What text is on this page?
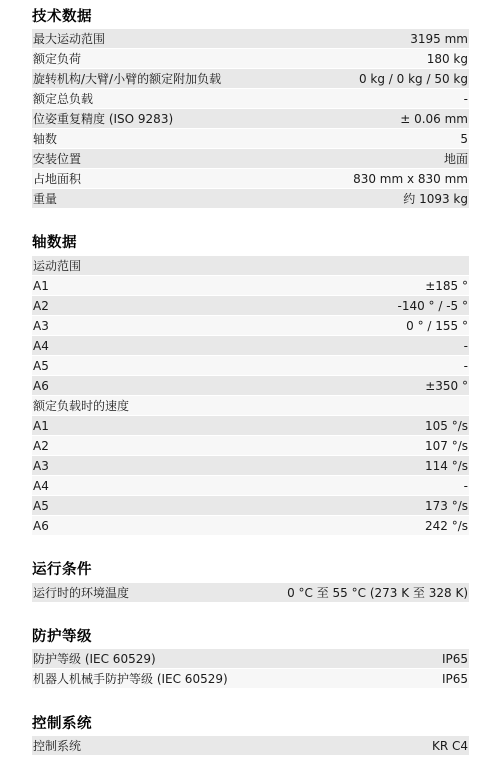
技术数据
最大运动范围	3195 mm
额定负荷	180 kg
旋转机构/大臂/小臂的额定附加负载	0 kg / 0 kg / 50 kg
额定总负载	-
位姿重复精度 (ISO 9283)	± 0.06 mm
轴数	5
安装位置	地面
占地面积	830 mm x 830 mm
重量	约 1093 kg
轴数据
运动范围
A1	±185 °
A2	-140 ° / -5 °
A3	0 ° / 155 °
A4	-
A5	-
A6	±350 °
额定负载时的速度
A1	105 °/s
A2	107 °/s
A3	114 °/s
A4	-
A5	173 °/s
A6	242 °/s
运行条件
运行时的环境温度	0 °C 至 55 °C (273 K 至 328 K)
防护等级
防护等级 (IEC 60529)	IP65
机器人机械手防护等级 (IEC 60529)	IP65
控制系统
控制系统	KR C4
